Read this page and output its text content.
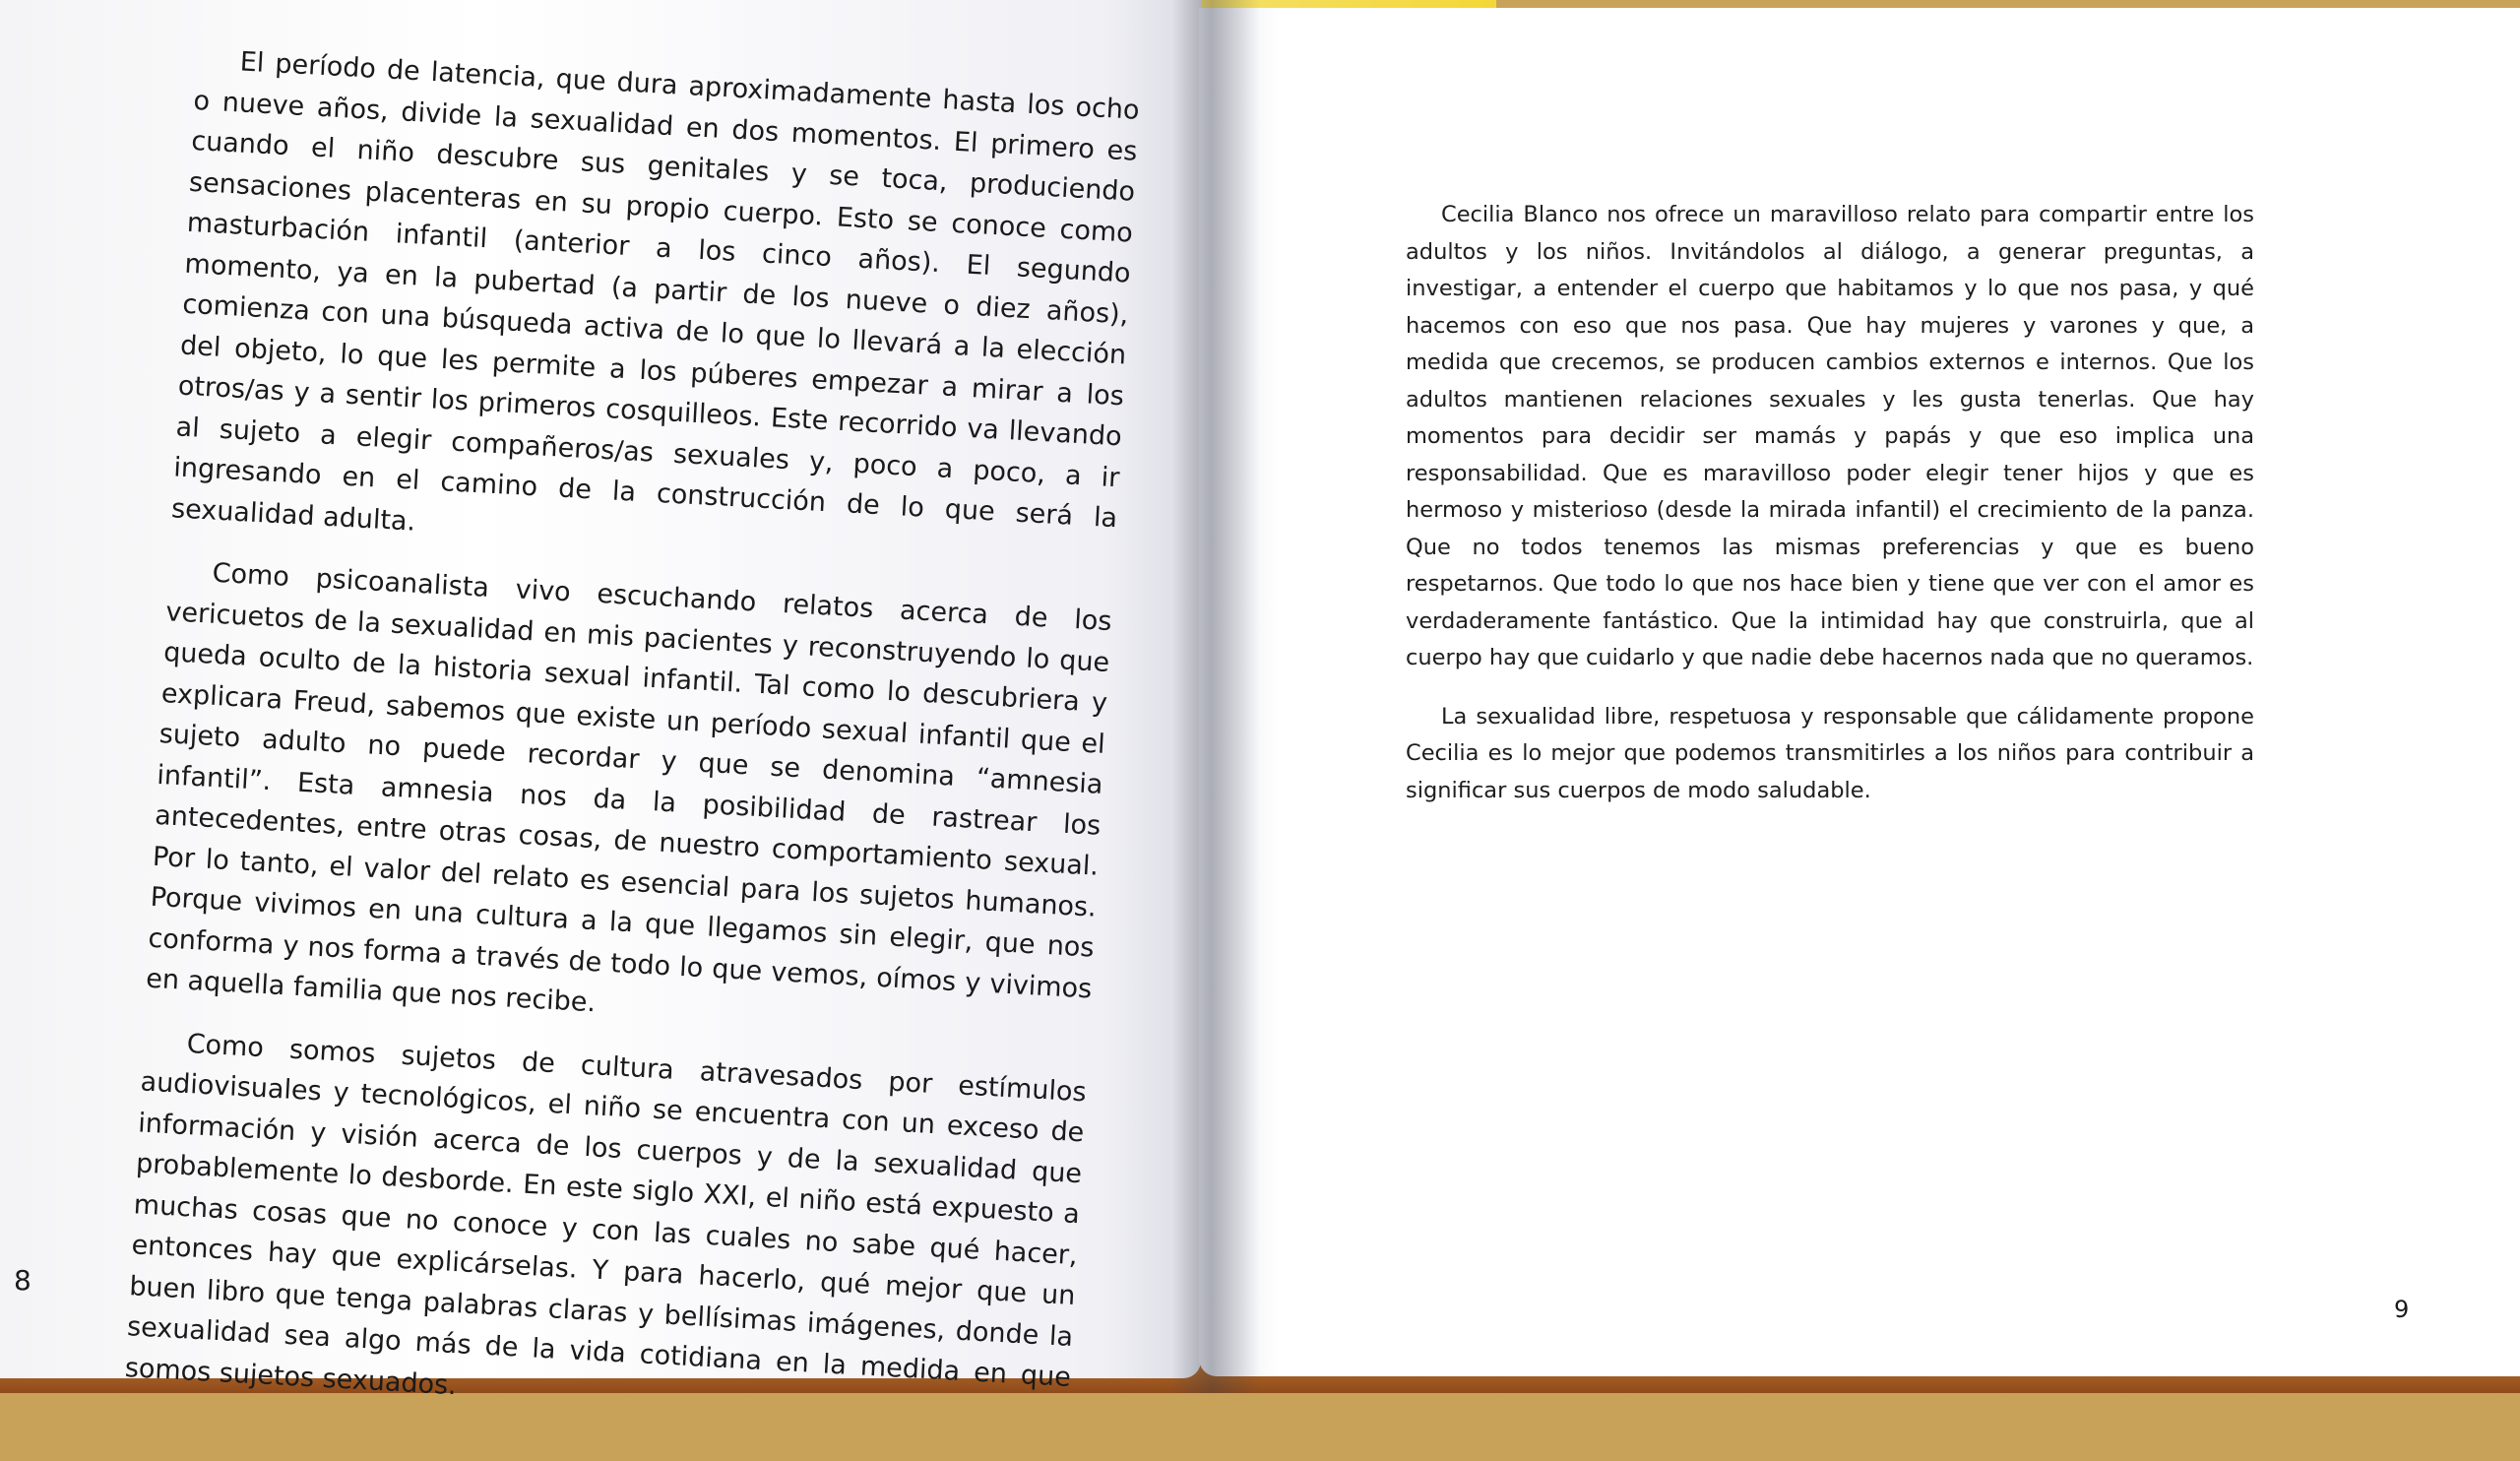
El período de latencia, que dura aproximadamente hasta los ocho o nueve años, divide la sexualidad en dos momentos. El primero es cuando el niño descubre sus genitales y se toca, produciendo sensaciones placenteras en su propio cuerpo. Esto se conoce como masturbación infantil (anterior a los cinco años). El segundo momento, ya en la pubertad (a partir de los nueve o diez años), comienza con una búsqueda activa de lo que lo llevará a la elección del objeto, lo que les permite a los púberes empezar a mirar a los otros/as y a sentir los primeros cosquilleos. Este recorrido va llevando al sujeto a elegir compañeros/as sexuales y, poco a poco, a ir ingresando en el camino de la construcción de lo que será la sexualidad adulta.

Como psicoanalista vivo escuchando relatos acerca de los vericuetos de la sexualidad en mis pacientes y reconstruyendo lo que queda oculto de la historia sexual infantil. Tal como lo descubriera y explicara Freud, sabemos que existe un período sexual infantil que el sujeto adulto no puede recordar y que se denomina “amnesia infantil”. Esta amnesia nos da la posibilidad de rastrear los antecedentes, entre otras cosas, de nuestro comportamiento sexual. Por lo tanto, el valor del relato es esencial para los sujetos humanos. Porque vivimos en una cultura a la que llegamos sin elegir, que nos conforma y nos forma a través de todo lo que vemos, oímos y vivimos en aquella familia que nos recibe.

Como somos sujetos de cultura atravesados por estímulos audiovisuales y tecnológicos, el niño se encuentra con un exceso de información y visión acerca de los cuerpos y de la sexualidad que probablemente lo desborde. En este siglo XXI, el niño está expuesto a muchas cosas que no conoce y con las cuales no sabe qué hacer, entonces hay que explicárselas. Y para hacerlo, qué mejor que un buen libro que tenga palabras claras y bellísimas imágenes, donde la sexualidad sea algo más de la vida cotidiana en la medida en que somos sujetos sexuados.

8

Cecilia Blanco nos ofrece un maravilloso relato para compartir entre los adultos y los niños. Invitándolos al diálogo, a generar preguntas, a investigar, a entender el cuerpo que habitamos y lo que nos pasa, y qué hacemos con eso que nos pasa. Que hay mujeres y varones y que, a medida que crecemos, se producen cambios externos e internos. Que los adultos mantienen relaciones sexuales y les gusta tenerlas. Que hay momentos para decidir ser mamás y papás y que eso implica una responsabilidad. Que es maravilloso poder elegir tener hijos y que es hermoso y misterioso (desde la mirada infantil) el crecimiento de la panza. Que no todos tenemos las mismas preferencias y que es bueno respetarnos. Que todo lo que nos hace bien y tiene que ver con el amor es verdaderamente fantástico. Que la intimidad hay que construirla, que al cuerpo hay que cuidarlo y que nadie debe hacernos nada que no queramos.

La sexualidad libre, respetuosa y responsable que cálidamente propone Cecilia es lo mejor que podemos transmitirles a los niños para contribuir a significar sus cuerpos de modo saludable.

9
